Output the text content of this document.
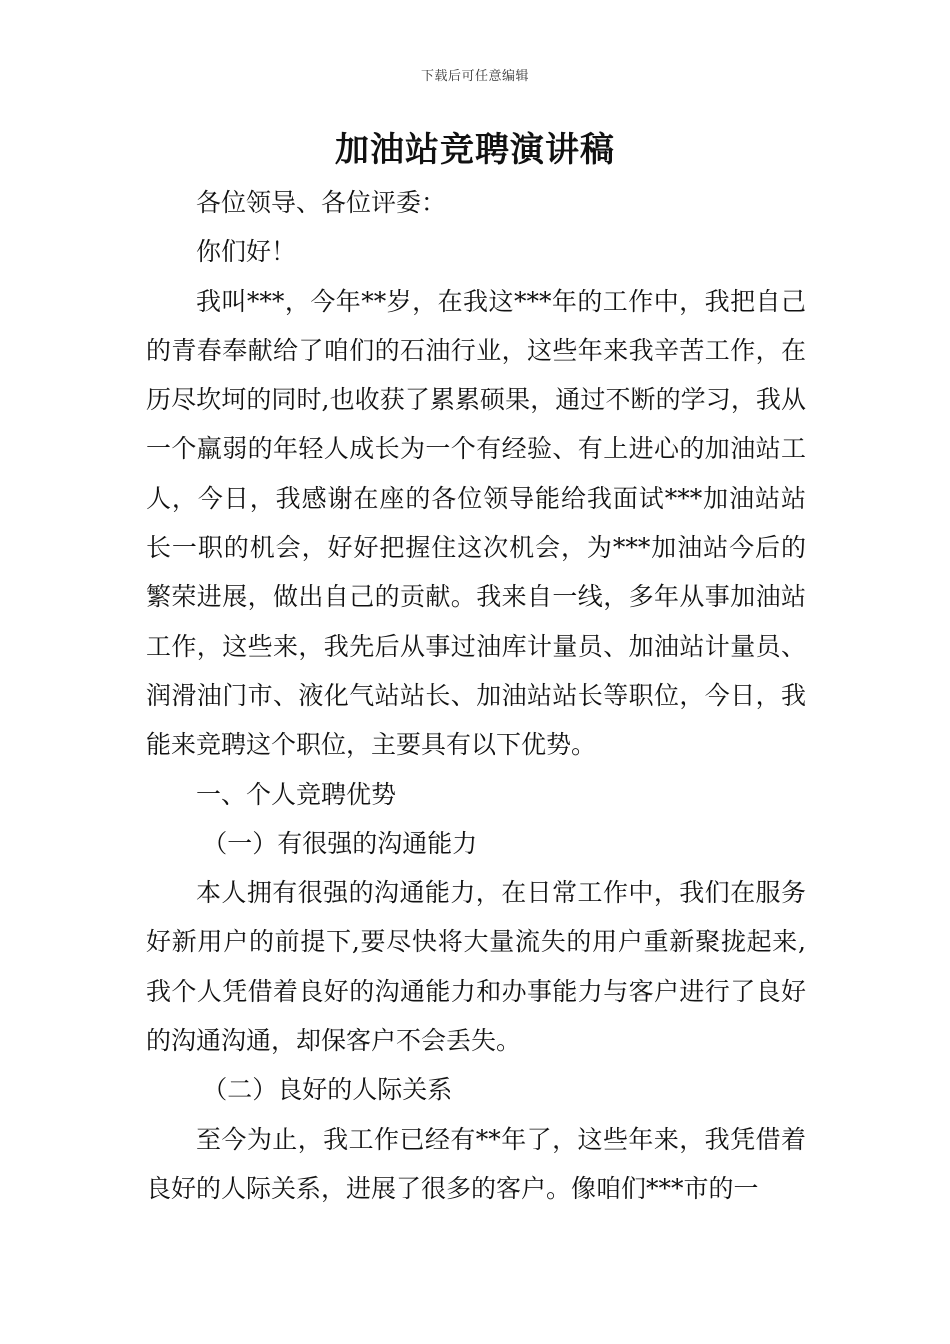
下载后可任意编辑
加油站竞聘演讲稿

各位领导、各位评委：

你们好！

我叫***，今年**岁，在我这***年的工作中，我把自己的青春奉献给了咱们的石油行业，这些年来我辛苦工作，在历尽坎坷的同时,也收获了累累硕果，通过不断的学习，我从一个羸弱的年轻人成长为一个有经验、有上进心的加油站工人，今日，我感谢在座的各位领导能给我面试***加油站站长一职的机会，好好把握住这次机会，为***加油站今后的繁荣进展，做出自己的贡献。我来自一线，多年从事加油站工作，这些来，我先后从事过油库计量员、加油站计量员、润滑油门市、液化气站站长、加油站站长等职位，今日，我能来竞聘这个职位，主要具有以下优势。

一、个人竞聘优势

（一）有很强的沟通能力

本人拥有很强的沟通能力，在日常工作中，我们在服务好新用户的前提下,要尽快将大量流失的用户重新聚拢起来,我个人凭借着良好的沟通能力和办事能力与客户进行了良好的沟通沟通，却保客户不会丢失。

（二）良好的人际关系

至今为止，我工作已经有**年了，这些年来，我凭借着良好的人际关系，进展了很多的客户。像咱们***市的一
